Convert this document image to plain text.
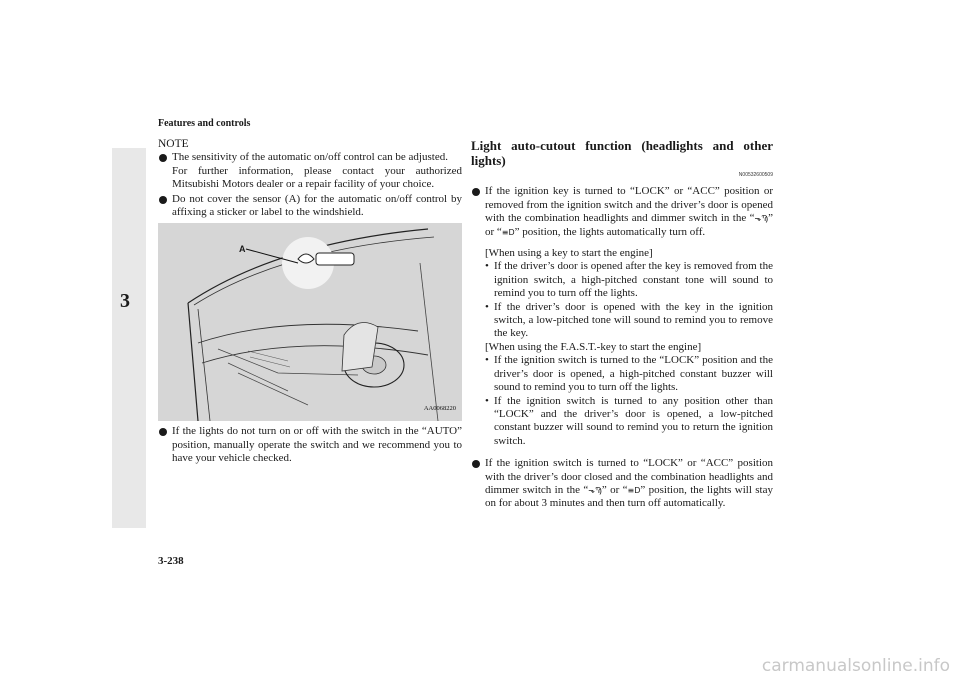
Features and controls
3
NOTE

The sensitivity of the automatic on/off control can be adjusted.

For further information, please contact your authorized Mitsubishi Motors dealer or a repair facility of your choice.

Do not cover the sensor (A) for the automatic on/off control by affixing a sticker or label to the windshield.

A
AA0068220

If the lights do not turn on or off with the switch in the “AUTO” position, manually operate the switch and we recommend you to have your vehicle checked.

Light auto-cutout function (headlights and other lights)

N00532600509

If the ignition key is turned to “LOCK” or “ACC” position or removed from the ignition switch and the driver’s door is opened with the combination headlights and dimmer switch in the “⬎Ϡ” or “≡D” position, the lights automatically turn off.

[When using a key to start the engine]

• If the driver’s door is opened after the key is removed from the ignition switch, a high-pitched constant tone will sound to remind you to turn off the lights.

• If the driver’s door is opened with the key in the ignition switch, a low-pitched tone will sound to remind you to remove the key.

[When using the F.A.S.T.-key to start the engine]

• If the ignition switch is turned to the “LOCK” position and the driver’s door is opened, a high-pitched constant buzzer will sound to remind you to turn off the lights.

• If the ignition switch is turned to any position other than “LOCK” and the driver’s door is opened, a low-pitched constant buzzer will sound to remind you to return the ignition switch.

If the ignition switch is turned to “LOCK” or “ACC” position with the driver’s door closed and the combination headlights and dimmer switch in the “⬎Ϡ” or “≡D” position, the lights will stay on for about 3 minutes and then turn off automatically.

3-238
carmanualsonline.info
